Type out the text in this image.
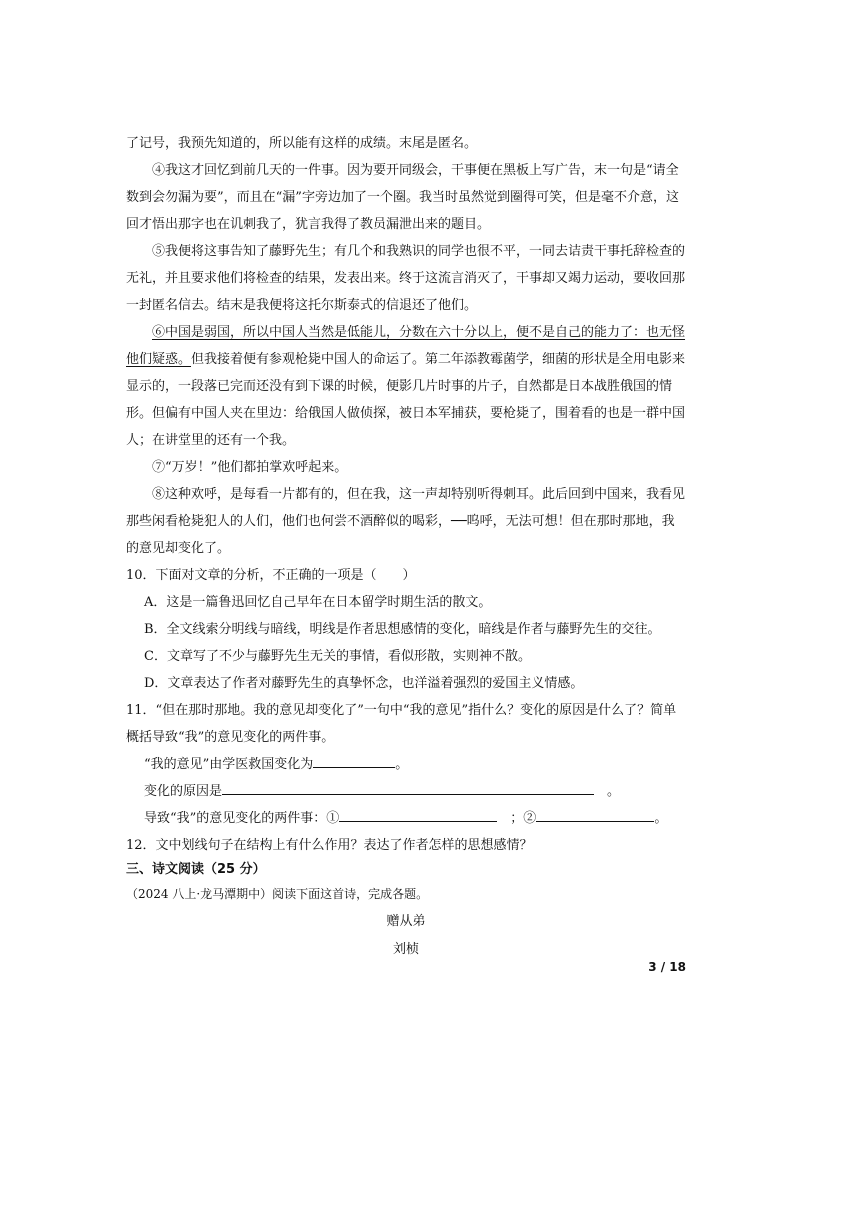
了记号，我预先知道的，所以能有这样的成绩。末尾是匿名。

④我这才回忆到前几天的一件事。因为要开同级会，干事便在黑板上写广告，末一句是“请全数到会勿漏为要”，而且在“漏”字旁边加了一个圈。我当时虽然觉到圈得可笑，但是毫不介意，这回才悟出那字也在讥刺我了，犹言我得了教员漏泄出来的题目。

⑤我便将这事告知了藤野先生；有几个和我熟识的同学也很不平，一同去诘责干事托辞检查的无礼，并且要求他们将检查的结果，发表出来。终于这流言消灭了，干事却又竭力运动，要收回那一封匿名信去。结末是我便将这托尔斯泰式的信退还了他们。

⑥中国是弱国，所以中国人当然是低能儿，分数在六十分以上，便不是自己的能力了：也无怪他们疑惑。但我接着便有参观枪毙中国人的命运了。第二年添教霉菌学，细菌的形状是全用电影来显示的，一段落已完而还没有到下课的时候，便影几片时事的片子，自然都是日本战胜俄国的情形。但偏有中国人夹在里边：给俄国人做侦探，被日本军捕获，要枪毙了，围着看的也是一群中国人；在讲堂里的还有一个我。

⑦“万岁！”他们都拍掌欢呼起来。

⑧这种欢呼，是每看一片都有的，但在我，这一声却特别听得刺耳。此后回到中国来，我看见那些闲看枪毙犯人的人们，他们也何尝不酒醉似的喝彩，──呜呼，无法可想！但在那时那地，我的意见却变化了。

10．下面对文章的分析，不正确的一项是（　　）

A．这是一篇鲁迅回忆自己早年在日本留学时期生活的散文。

B．全文线索分明线与暗线，明线是作者思想感情的变化，暗线是作者与藤野先生的交往。

C．文章写了不少与藤野先生无关的事情，看似形散，实则神不散。

D．文章表达了作者对藤野先生的真挚怀念，也洋溢着强烈的爱国主义情感。

11．“但在那时那地。我的意见却变化了”一句中“我的意见”指什么？变化的原因是什么了？简单概括导致“我”的意见变化的两件事。

“我的意见”由学医救国变化为	。

变化的原因是	　。

导致“我”的意见变化的两件事：①	　；②	。

12．文中划线句子在结构上有什么作用？表达了作者怎样的思想感情？

三、诗文阅读（25 分）

（2024 八上·龙马潭期中）阅读下面这首诗，完成各题。

赠从弟

刘桢

3 / 18
